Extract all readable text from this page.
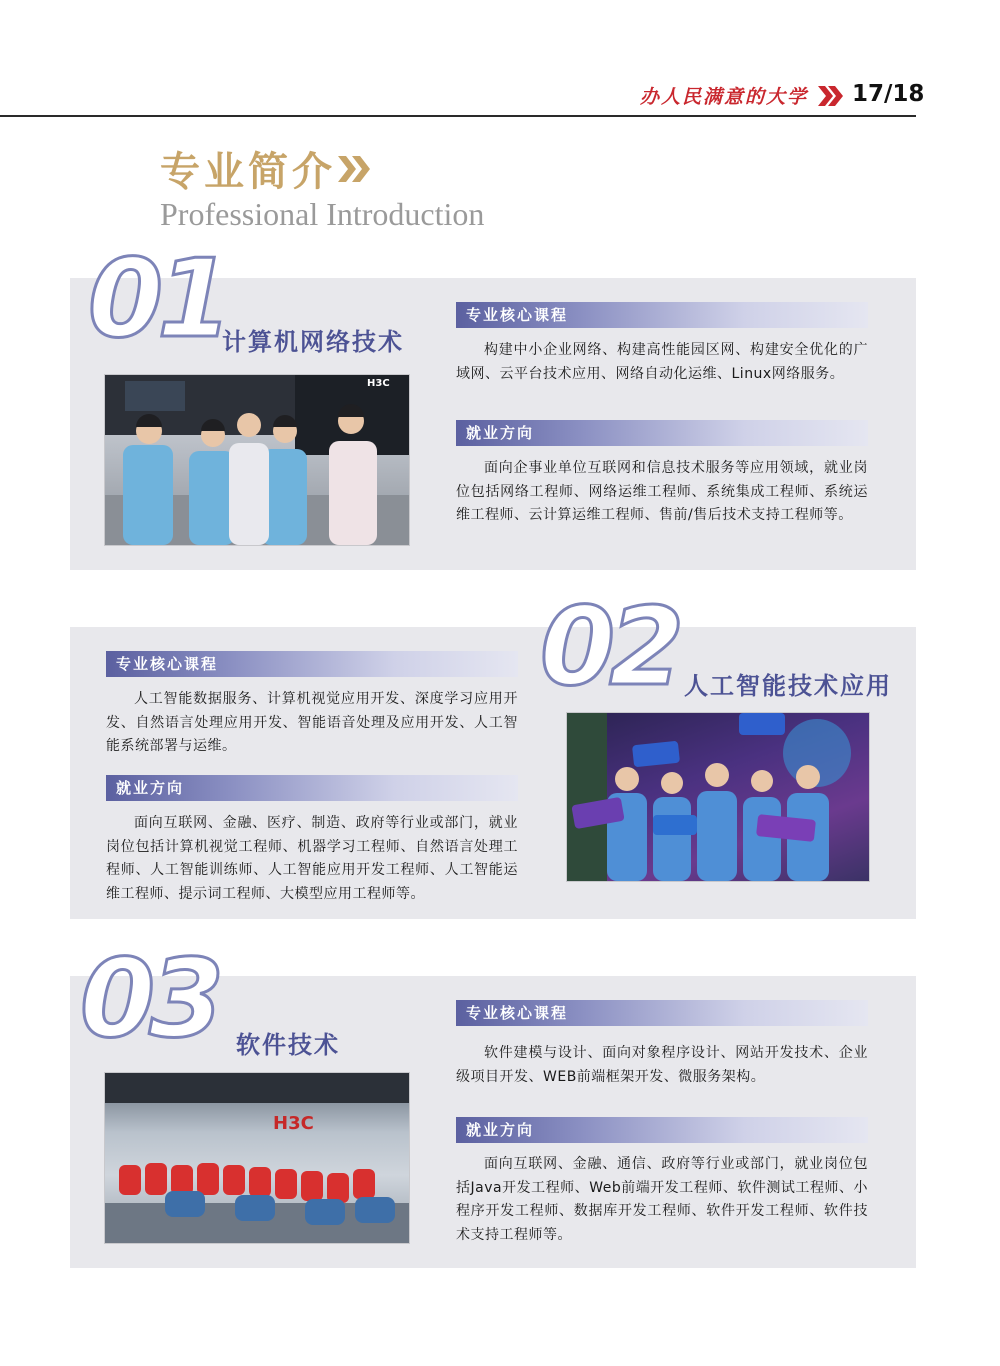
办人民满意的大学 17/18
专业简介
Professional Introduction
01
计算机网络技术
H3C
专业核心课程
构建中小企业网络、构建高性能园区网、构建安全优化的广域网、云平台技术应用、网络自动化运维、Linux网络服务。
就业方向
面向企事业单位互联网和信息技术服务等应用领域，就业岗位包括网络工程师、网络运维工程师、系统集成工程师、系统运维工程师、云计算运维工程师、售前/售后技术支持工程师等。
专业核心课程
人工智能数据服务、计算机视觉应用开发、深度学习应用开发、自然语言处理应用开发、智能语音处理及应用开发、人工智能系统部署与运维。
就业方向
面向互联网、金融、医疗、制造、政府等行业或部门，就业岗位包括计算机视觉工程师、机器学习工程师、自然语言处理工程师、人工智能训练师、人工智能应用开发工程师、人工智能运维工程师、提示词工程师、大模型应用工程师等。
02 人工智能技术应用
03 软件技术
H3C
专业核心课程
软件建模与设计、面向对象程序设计、网站开发技术、企业级项目开发、WEB前端框架开发、微服务架构。
就业方向
面向互联网、金融、通信、政府等行业或部门，就业岗位包括Java开发工程师、Web前端开发工程师、软件测试工程师、小程序开发工程师、数据库开发工程师、软件开发工程师、软件技术支持工程师等。
